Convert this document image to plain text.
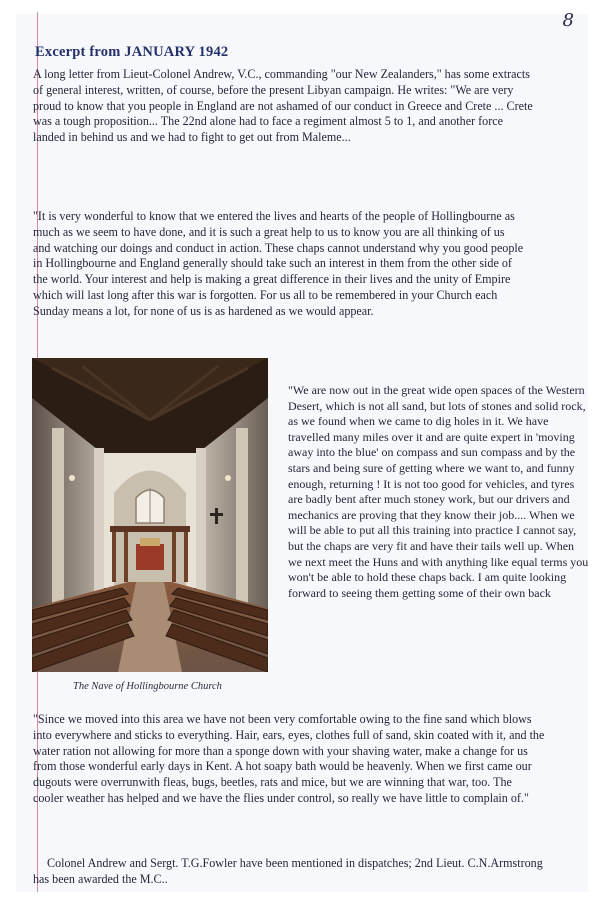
8
Excerpt from JANUARY 1942

A long letter from Lieut-Colonel Andrew, V.C., commanding "our New Zealanders," has some extracts of general interest, written, of course, before the present Libyan campaign. He writes: "We are very proud to know that you people in England are not ashamed of our conduct in Greece and Crete ... Crete was a tough proposition... The 22nd alone had to face a regiment almost 5 to 1, and another force landed in behind us and we had to fight to get out from Maleme...

"It is very wonderful to know that we entered the lives and hearts of the people of Hollingbourne as much as we seem to have done, and it is such a great help to us to know you are all thinking of us and watching our doings and conduct in action. These chaps cannot understand why you good people in Hollingbourne and England generally should take such an interest in them from the other side of the world. Your interest and help is making a great difference in their lives and the unity of Empire which will last long after this war is forgotten. For us all to be remembered in your Church each Sunday means a lot, for none of us is as hardened as we would appear.

The Nave of Hollingbourne Church

"We are now out in the great wide open spaces of the Western Desert, which is not all sand, but lots of stones and solid rock, as we found when we came to dig holes in it. We have travelled many miles over it and are quite expert in 'moving away into the blue' on compass and sun compass and by the stars and being sure of getting where we want to, and funny enough, returning ! It is not too good for vehicles, and tyres are badly bent after much stoney work, but our drivers and mechanics are proving that they know their job.... When we will be able to put all this training into practice I cannot say, but the chaps are very fit and have their tails well up. When we next meet the Huns and with anything like equal terms you won't be able to hold these chaps back. I am quite looking forward to seeing them getting some of their own back

"Since we moved into this area we have not been very comfortable owing to the fine sand which blows into everywhere and sticks to everything. Hair, ears, eyes, clothes full of sand, skin coated with it, and the water ration not allowing for more than a sponge down with your shaving water, make a change for us from those wonderful early days in Kent. A hot soapy bath would be heavenly. When we first came our dugouts were overrunwith fleas, bugs, beetles, rats and mice, but we are winning that war, too. The cooler weather has helped and we have the flies under control, so really we have little to complain of."

Colonel Andrew and Sergt. T.G.Fowler have been mentioned in dispatches; 2nd Lieut. C.N.Armstrong has been awarded the M.C..
